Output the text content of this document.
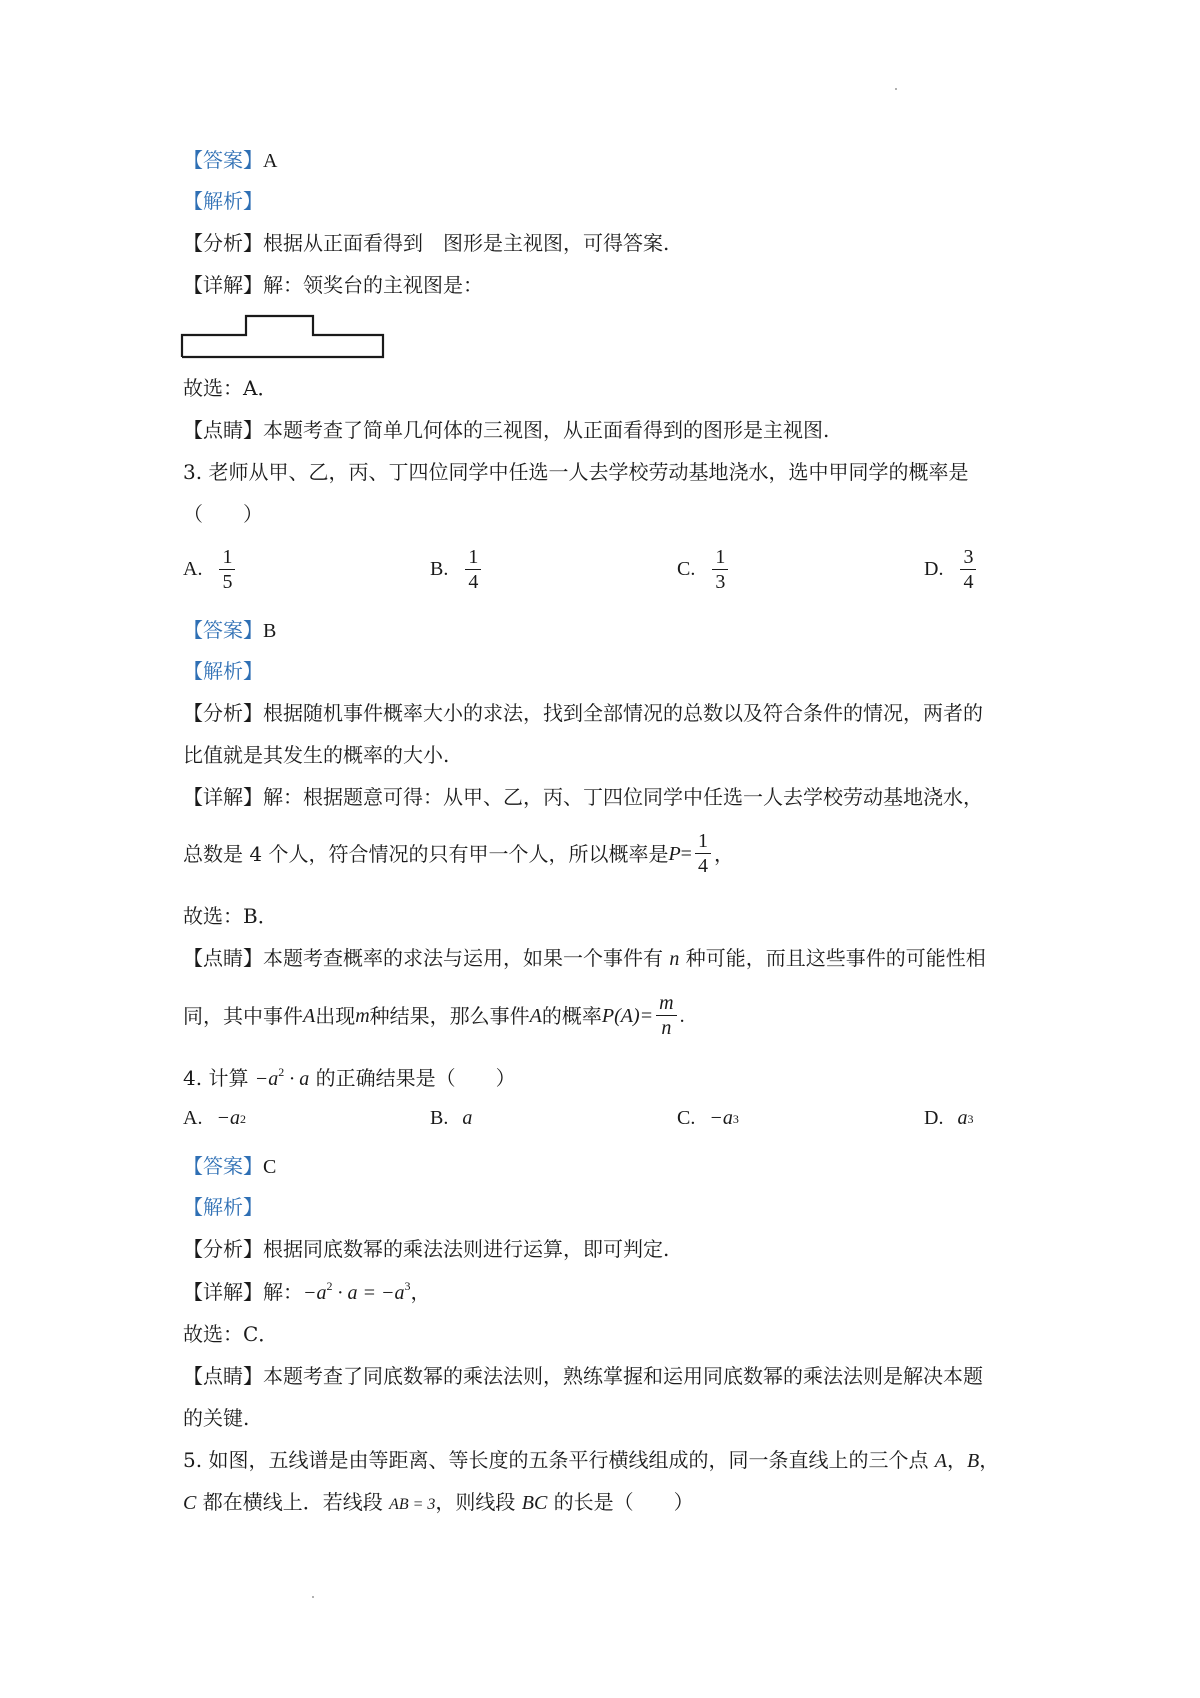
【答案】A
【解析】
【分析】根据从正面看得到　图形是主视图，可得答案.
【详解】解：领奖台的主视图是：
故选：A．
【点睛】本题考查了简单几何体的三视图，从正面看得到的图形是主视图.
3. 老师从甲、乙，丙、丁四位同学中任选一人去学校劳动基地浇水，选中甲同学的概率是
（　　）
A. $\frac{1}{5}$	B. $\frac{1}{4}$	C. $\frac{1}{3}$	D. $\frac{3}{4}$
【答案】B
【解析】
【分析】根据随机事件概率大小的求法，找到全部情况的总数以及符合条件的情况，两者的
比值就是其发生的概率的大小.
【详解】解：根据题意可得：从甲、乙，丙、丁四位同学中任选一人去学校劳动基地浇水，
总数是 4 个人，符合情况的只有甲一个人，所以概率是 $P = \frac{1}{4}$ ，
故选：B．
【点睛】本题考查概率的求法与运用，如果一个事件有 n 种可能，而且这些事件的可能性相
同，其中事件 A 出现 m 种结果，那么事件 A 的概率 $P(A)= \frac{m}{n}$ .
4. 计算 $-a^2 \cdot a$ 的正确结果是（　　）
A. −a 2	B. a	C. −a 3	D. a 3
【答案】C
【解析】
【分析】根据同底数幂的乘法法则进行运算，即可判定.
【详解】解：$-a^2 \cdot a = -a^3$，
故选：C．
【点睛】本题考查了同底数幂的乘法法则，熟练掌握和运用同底数幂的乘法法则是解决本题
的关键.
5. 如图，五线谱是由等距离、等长度的五条平行横线组成的，同一条直线上的三个点 A，B，
C 都在横线上．若线段 AB = 3，则线段 BC 的长是（　　）
